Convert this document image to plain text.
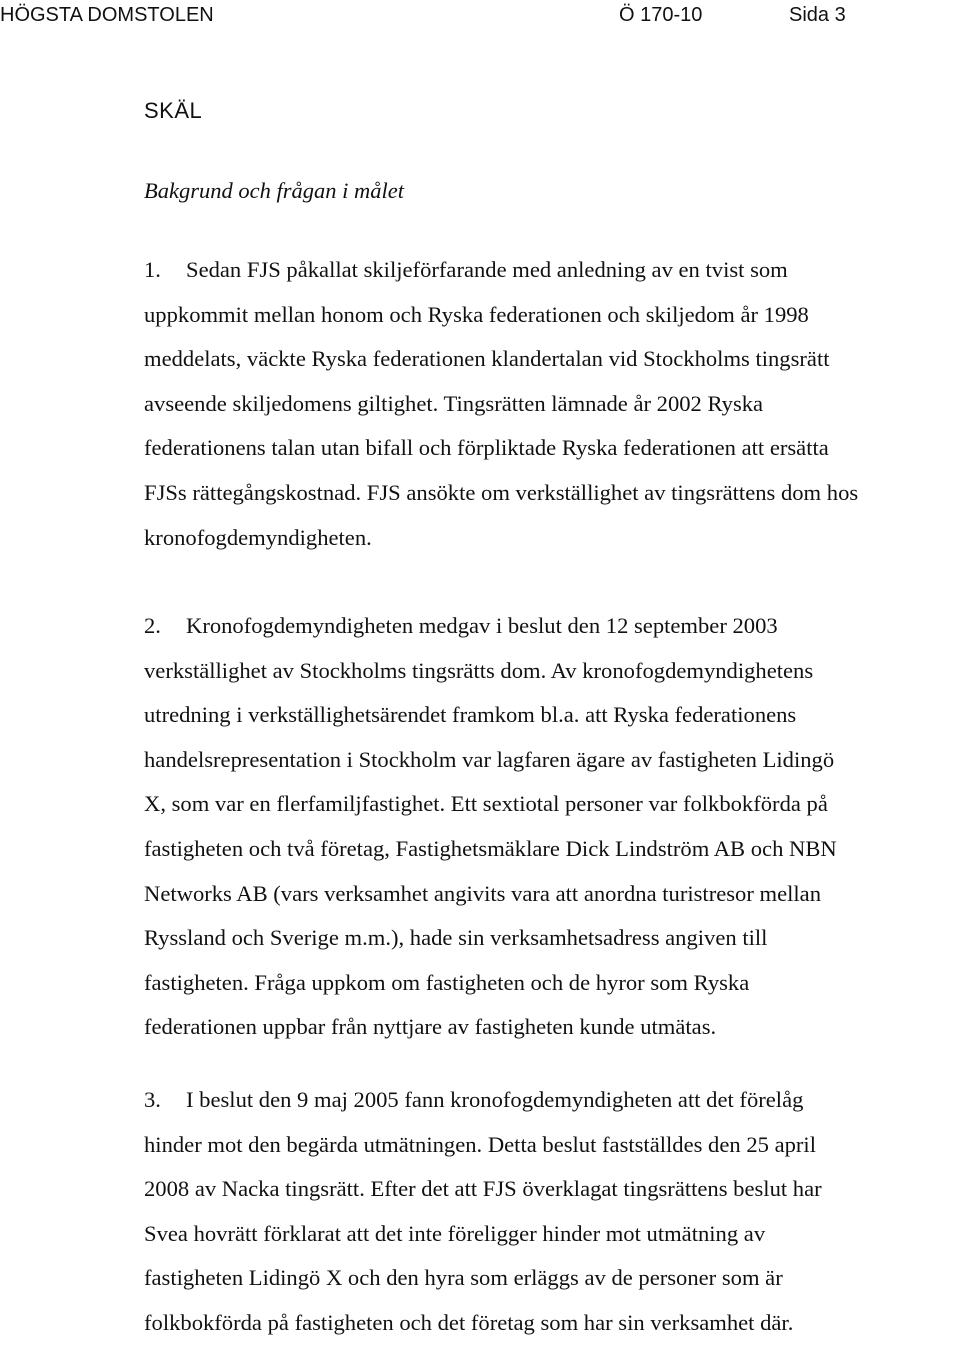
HÖGSTA DOMSTOLEN	Ö 170-10	Sida 3
SKÄL
Bakgrund och frågan i målet
1. Sedan FJS påkallat skiljeförfarande med anledning av en tvist som
uppkommit mellan honom och Ryska federationen och skiljedom år 1998
meddelats, väckte Ryska federationen klandertalan vid Stockholms tingsrätt
avseende skiljedomens giltighet. Tingsrätten lämnade år 2002 Ryska
federationens talan utan bifall och förpliktade Ryska federationen att ersätta
FJSs rättegångskostnad. FJS ansökte om verkställighet av tingsrättens dom hos
kronofogdemyndigheten.
2. Kronofogdemyndigheten medgav i beslut den 12 september 2003
verkställighet av Stockholms tingsrätts dom. Av kronofogdemyndighetens
utredning i verkställighetsärendet framkom bl.a. att Ryska federationens
handelsrepresentation i Stockholm var lagfaren ägare av fastigheten Lidingö
X, som var en flerfamiljfastighet. Ett sextiotal personer var folkbokförda på
fastigheten och två företag, Fastighetsmäklare Dick Lindström AB och NBN
Networks AB (vars verksamhet angivits vara att anordna turistresor mellan
Ryssland och Sverige m.m.), hade sin verksamhetsadress angiven till
fastigheten. Fråga uppkom om fastigheten och de hyror som Ryska
federationen uppbar från nyttjare av fastigheten kunde utmätas.
3. I beslut den 9 maj 2005 fann kronofogdemyndigheten att det förelåg
hinder mot den begärda utmätningen. Detta beslut fastställdes den 25 april
2008 av Nacka tingsrätt. Efter det att FJS överklagat tingsrättens beslut har
Svea hovrätt förklarat att det inte föreligger hinder mot utmätning av
fastigheten Lidingö X och den hyra som erläggs av de personer som är
folkbokförda på fastigheten och det företag som har sin verksamhet där.
